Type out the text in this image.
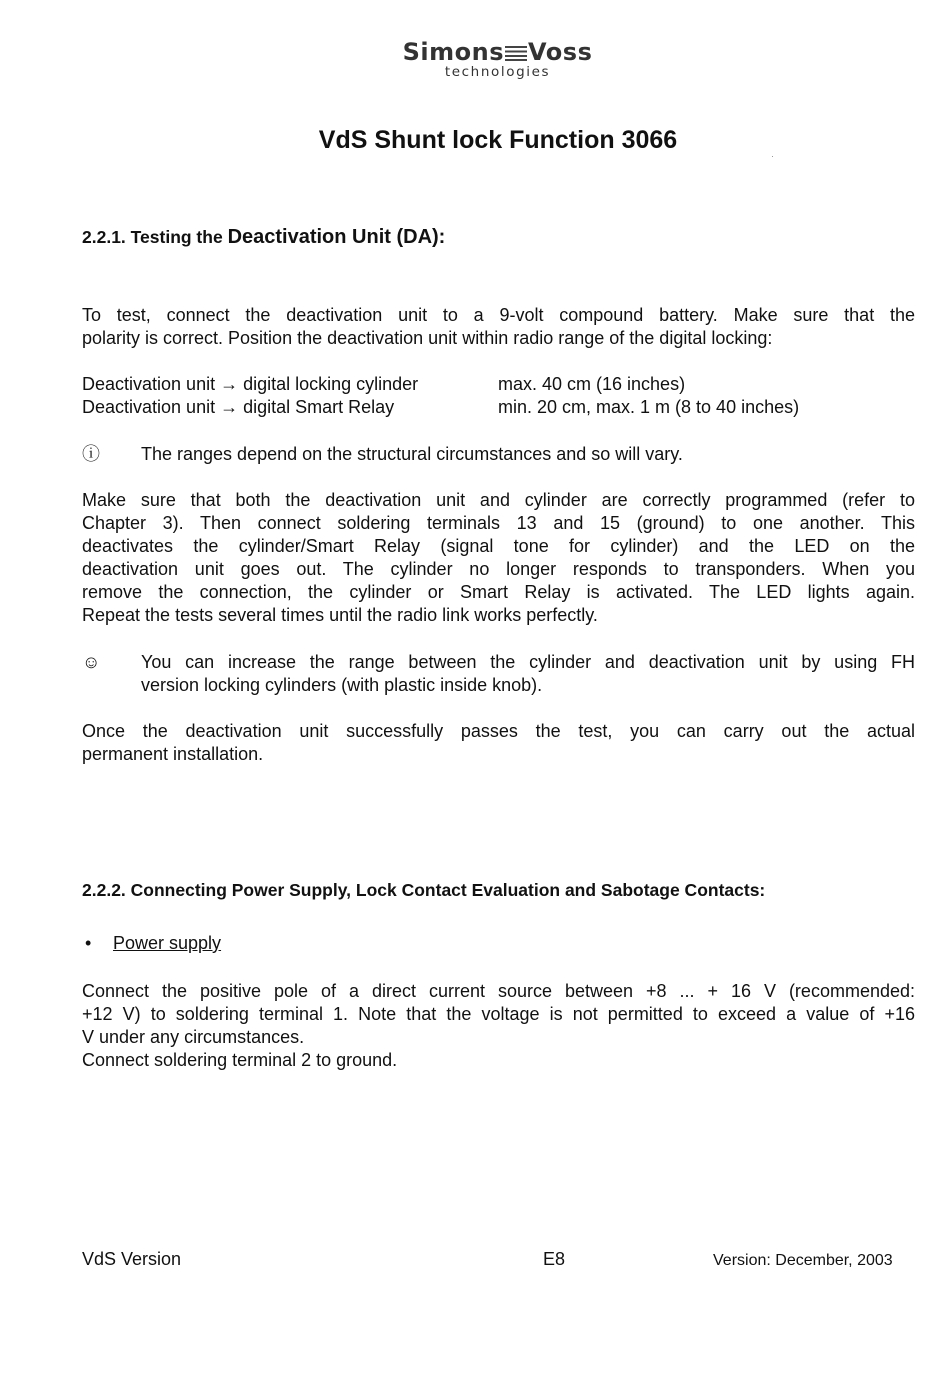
Simons Voss
technologies
VdS Shunt lock Function 3066
2.2.1. Testing the Deactivation Unit (DA):
To test, connect the deactivation unit to a 9-volt compound battery. Make sure that the
polarity is correct. Position the deactivation unit within radio range of the digital locking:
Deactivation unit → digital locking cylinder	max. 40 cm (16 inches)
Deactivation unit → digital Smart Relay	min. 20 cm, max. 1 m (8 to 40 inches)
ⓘ The ranges depend on the structural circumstances and so will vary.
Make sure that both the deactivation unit and cylinder are correctly programmed (refer to
Chapter 3). Then connect soldering terminals 13 and 15 (ground) to one another. This
deactivates the cylinder/Smart Relay (signal tone for cylinder) and the LED on the
deactivation unit goes out. The cylinder no longer responds to transponders. When you
remove the connection, the cylinder or Smart Relay is activated. The LED lights again.
Repeat the tests several times until the radio link works perfectly.
☺ You can increase the range between the cylinder and deactivation unit by using FH
version locking cylinders (with plastic inside knob).
Once the deactivation unit successfully passes the test, you can carry out the actual
permanent installation.
2.2.2. Connecting Power Supply, Lock Contact Evaluation and Sabotage Contacts:
• Power supply
Connect the positive pole of a direct current source between +8 ... + 16 V (recommended:
+12 V) to soldering terminal 1. Note that the voltage is not permitted to exceed a value of +16
V under any circumstances.
Connect soldering terminal 2 to ground.
VdS Version	E8	Version: December, 2003
